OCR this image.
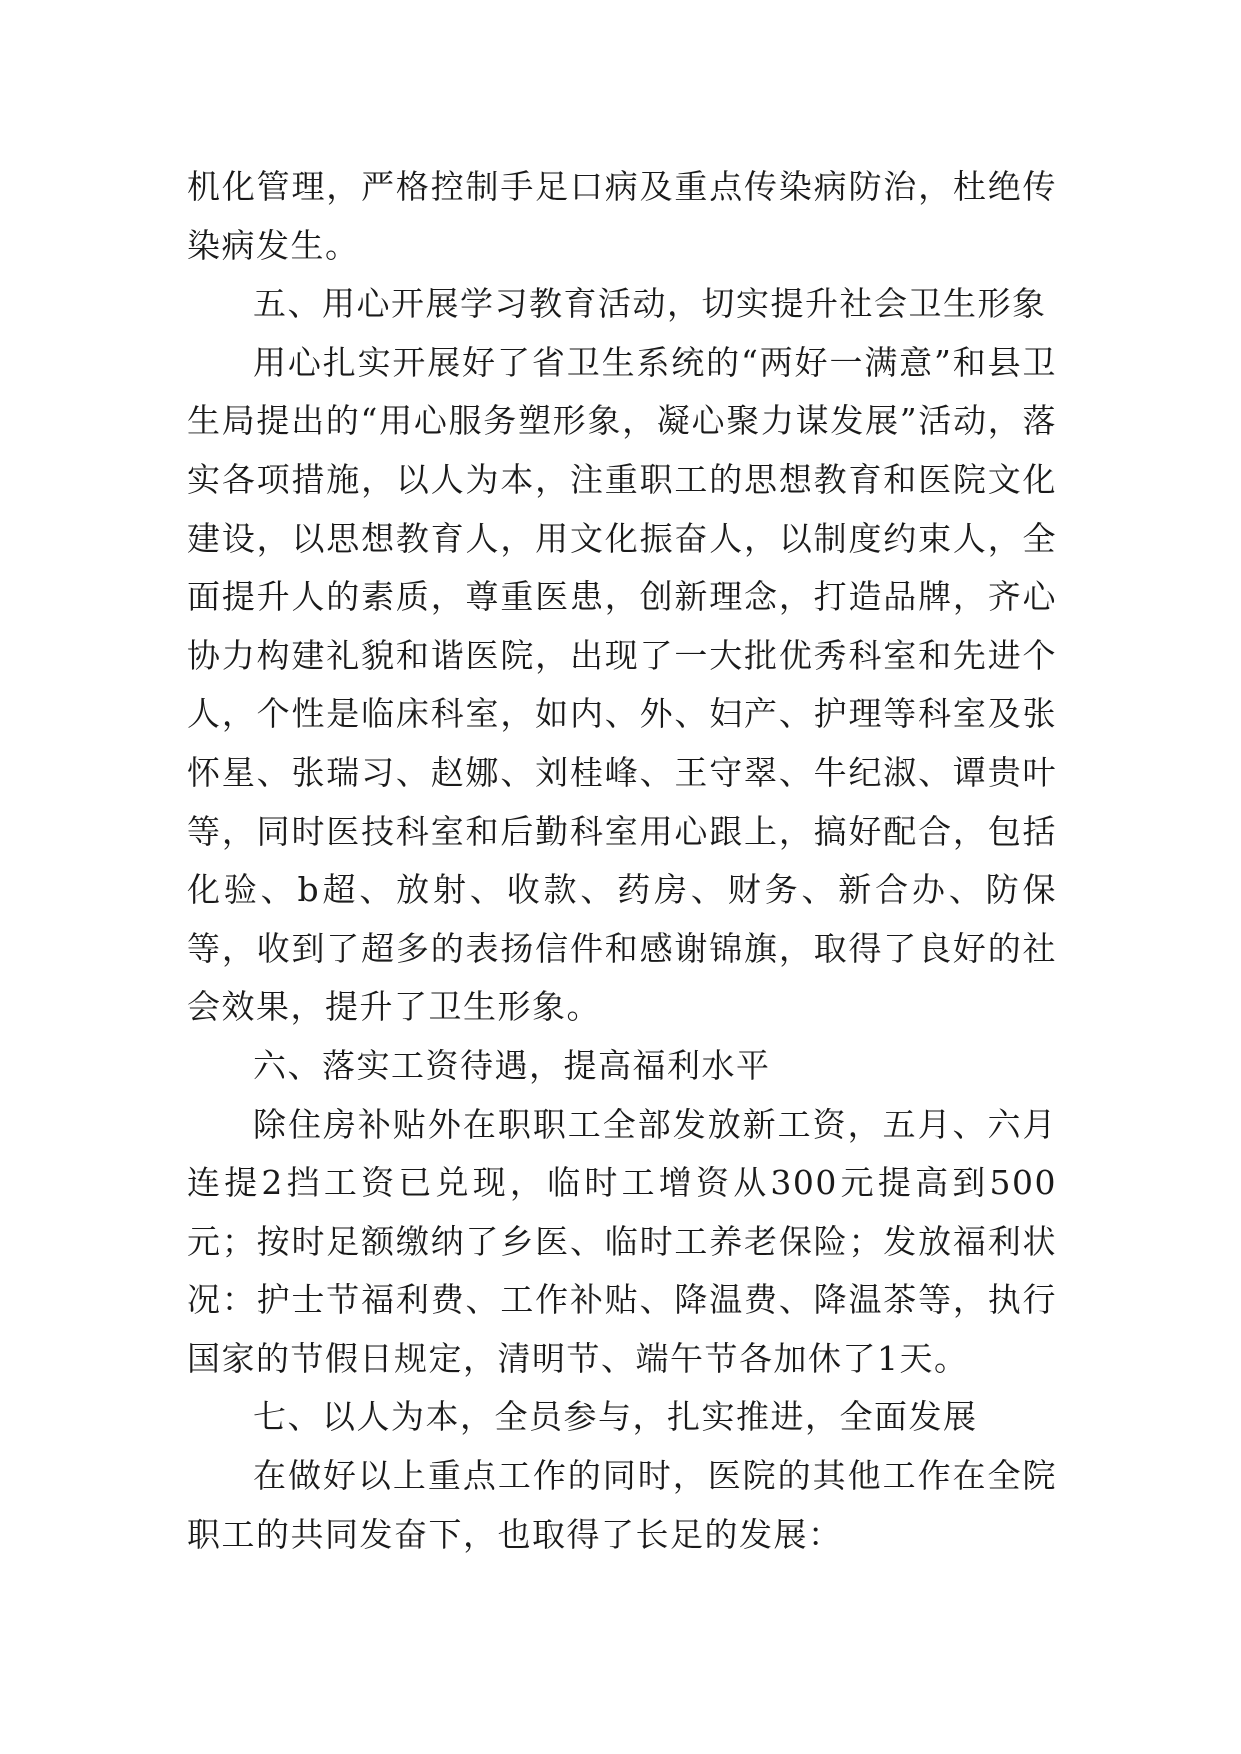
机化管理，严格控制手足口病及重点传染病防治，杜绝传染病发生。

五、用心开展学习教育活动，切实提升社会卫生形象

用心扎实开展好了省卫生系统的“两好一满意”和县卫生局提出的“用心服务塑形象，凝心聚力谋发展”活动，落实各项措施，以人为本，注重职工的思想教育和医院文化建设，以思想教育人，用文化振奋人，以制度约束人，全面提升人的素质，尊重医患，创新理念，打造品牌，齐心协力构建礼貌和谐医院，出现了一大批优秀科室和先进个人，个性是临床科室，如内、外、妇产、护理等科室及张怀星、张瑞习、赵娜、刘桂峰、王守翠、牛纪淑、谭贵叶等，同时医技科室和后勤科室用心跟上，搞好配合，包括化验、b超、放射、收款、药房、财务、新合办、防保等，收到了超多的表扬信件和感谢锦旗，取得了良好的社会效果，提升了卫生形象。

六、落实工资待遇，提高福利水平

除住房补贴外在职职工全部发放新工资，五月、六月连提2挡工资已兑现，临时工增资从300元提高到500元；按时足额缴纳了乡医、临时工养老保险；发放福利状况：护士节福利费、工作补贴、降温费、降温茶等，执行国家的节假日规定，清明节、端午节各加休了1天。

七、以人为本，全员参与，扎实推进，全面发展

在做好以上重点工作的同时，医院的其他工作在全院职工的共同发奋下，也取得了长足的发展：
